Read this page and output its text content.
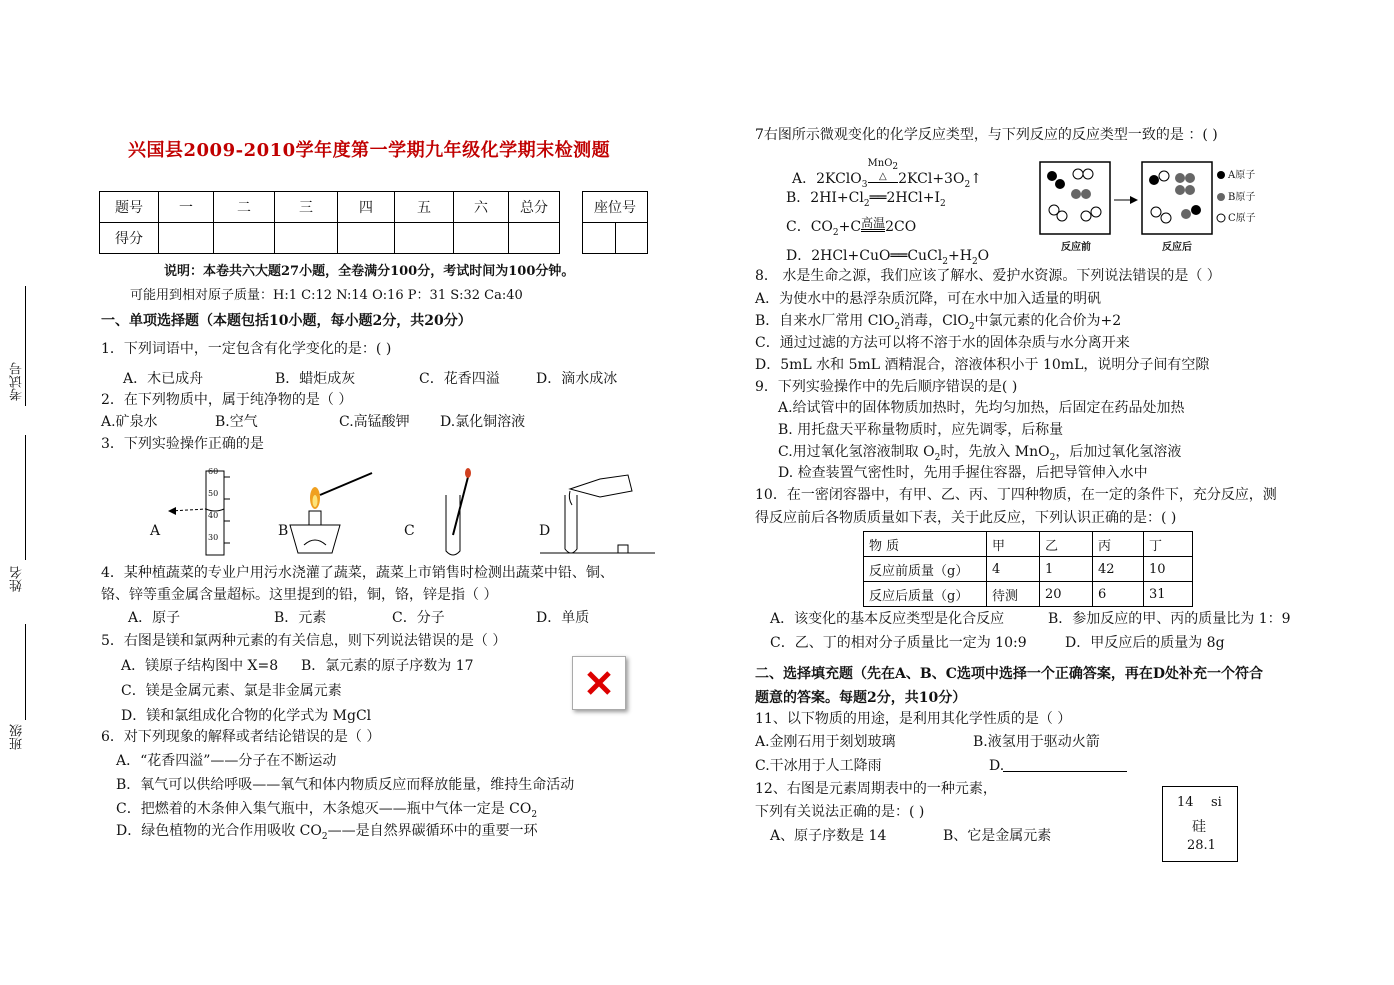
考试号
姓名
班级
兴国县2009-2010学年度第一学期九年级化学期末检测题
题号	一	二	三	四	五	六	总分
得分							
座位号

说明：本卷共六大题27小题，全卷满分100分，考试时间为100分钟。
可能用到相对原子质量：H:1 C:12 N:14 O:16 P：31 S:32 Ca:40
一、单项选择题（本题包括10小题，每小题2分，共20分）
1．下列词语中，一定包含有化学变化的是：( )
A．木已成舟	B．蜡炬成灰	C．花香四溢	D．滴水成冰
2．在下列物质中，属于纯净物的是（ ）
A.矿泉水	B.空气	C.高锰酸钾 D.氯化铜溶液
3．下列实验操作正确的是
A	B	C	D
60
50
40
30
4．某种植蔬菜的专业户用污水浇灌了蔬菜，蔬菜上市销售时检测出蔬菜中铅、铜、
铬、锌等重金属含量超标。这里提到的铅，铜，铬，锌是指（ ）
A．原子	B．元素	C．分子	D．单质
5．右图是镁和氯两种元素的有关信息，则下列说法错误的是（ ）
A．镁原子结构图中 X=8 B．氯元素的原子序数为 17
C．镁是金属元素、氯是非金属元素
D．镁和氯组成化合物的化学式为 MgCl
6．对下列现象的解释或者结论错误的是（ ）
A．“花香四溢”——分子在不断运动
B．氧气可以供给呼吸——氧气和体内物质反应而释放能量，维持生命活动
C．把燃着的木条伸入集气瓶中，木条熄灭——瓶中气体一定是 $CO_2$
D．绿色植物的光合作用吸收 $CO_2——$是自然界碳循环中的重要一环
7右图所示微观变化的化学反应类型，与下列反应的反应类型一致的是 ：( )
A．2KClO$_3$MnO$_2$
△ $2KCl+3O_2↑$
B．$2HI+Cl_2══2HCl+I_2$
C．$CO_2+C$高温2CO
D．$2HCl+CuO══CuCl_2+H_2O$
A原子
B原子
C原子
反应前	反应后
8． 水是生命之源，我们应该了解水、爱护水资源。下列说法错误的是（ ）
A．为使水中的悬浮杂质沉降，可在水中加入适量的明矾
B．自来水厂常用 ClO$_2$消毒，ClO$_2$中氯元素的化合价为+2
C．通过过滤的方法可以将不溶于水的固体杂质与水分离开来
D．5mL 水和 5mL 酒精混合，溶液体积小于 10mL，说明分子间有空隙
9．下列实验操作中的先后顺序错误的是( )
A.给试管中的固体物质加热时，先均匀加热，后固定在药品处加热
B. 用托盘天平称量物质时，应先调零，后称量
C.用过氧化氢溶液制取 $O_2$时，先放入 MnO$_2$，后加过氧化氢溶液
D. 检查装置气密性时，先用手握住容器，后把导管伸入水中
10．在一密闭容器中，有甲、乙、丙、丁四种物质，在一定的条件下，充分反应，测
得反应前后各物质质量如下表，关于此反应，下列认识正确的是：( )
物 质	甲	乙	丙	丁
反应前质量（g）	4	1	42	10
反应后质量（g）	待测	20	6	31
A．该变化的基本反应类型是化合反应	B．参加反应的甲、丙的质量比为 1：9
C．乙、丁的相对分子质量比一定为 10:9	D．甲反应后的质量为 8g
二、选择填充题（先在A、B、C选项中选择一个正确答案，再在D处补充一个符合
题意的答案。每题2分，共10分）
11、以下物质的用途，是利用其化学性质的是（ ）
A.金刚石用于刻划玻璃	B.液氢用于驱动火箭
C.干冰用于人工降雨	D.
12、右图是元素周期表中的一种元素，
下列有关说法正确的是：( )
A、原子序数是 14	B、它是金属元素
14 si
硅
28.1
